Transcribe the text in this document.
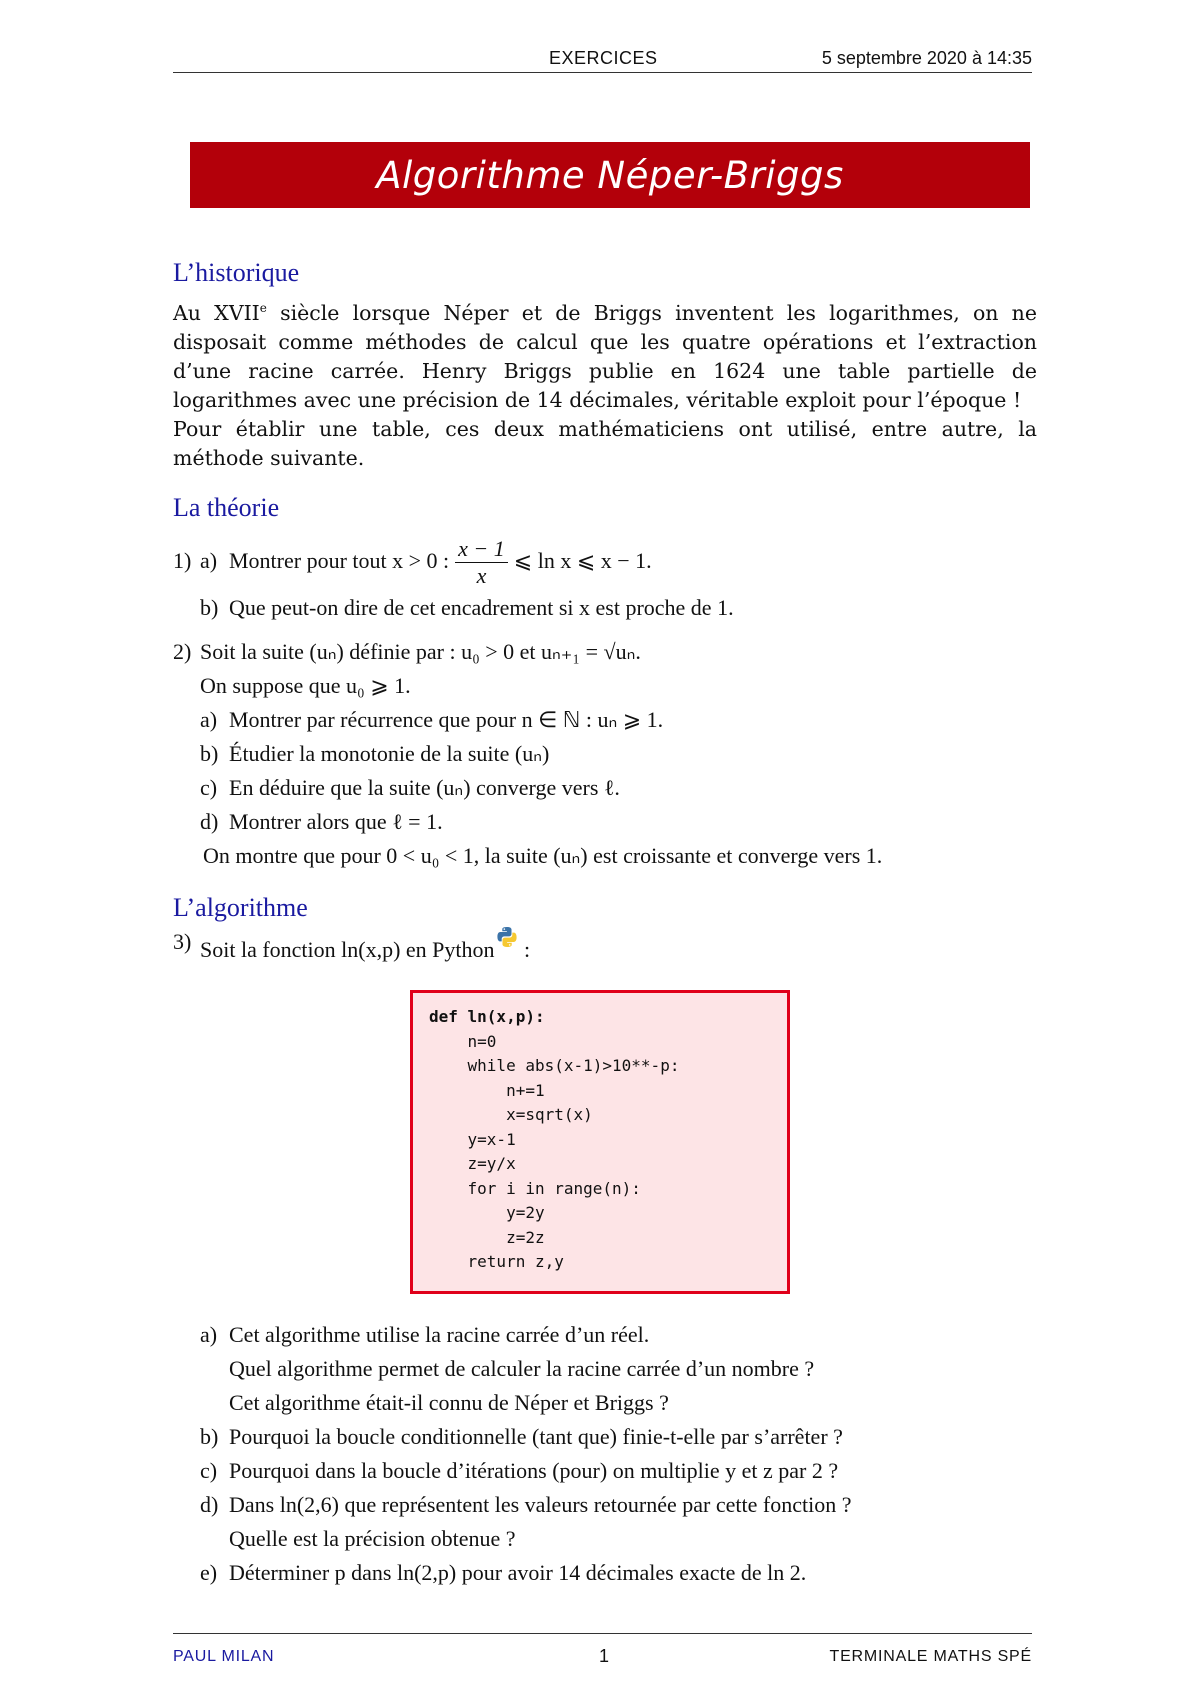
EXERCICES	5 septembre 2020 à 14:35
Algorithme Néper-Briggs
L’historique

Au XVIIe siècle lorsque Néper et de Briggs inventent les logarithmes, on ne disposait comme méthodes de calcul que les quatre opérations et l’extraction d’une racine carrée. Henry Briggs publie en 1624 une table partielle de logarithmes avec une précision de 14 décimales, véritable exploit pour l’époque !
Pour établir une table, ces deux mathématiciens ont utilisé, entre autre, la méthode suivante.

La théorie
1) a) Montrer pour tout x > 0 : $\frac{x - 1}{x}$ ⩽ ln x ⩽ x − 1.
b) Que peut-on dire de cet encadrement si x est proche de 1.
2) Soit la suite (uₙ) définie par : u₀ > 0 et uₙ₊₁ = √uₙ.

On suppose que u₀ ⩾ 1.

a) Montrer par récurrence que pour n ∈ ℕ : uₙ ⩾ 1.
b) Étudier la monotonie de la suite (uₙ)
c) En déduire que la suite (uₙ) converge vers ℓ.
d) Montrer alors que ℓ = 1.
On montre que pour 0 < u₀ < 1, la suite (uₙ) est croissante et converge vers 1.

L’algorithme
3) Soit la fonction ln(x,p) en Python :

def ln(x,p):
n=0
while abs(x-1)>10**-p:
n+=1
x=sqrt(x)
y=x-1
z=y/x
for i in range(n):
y=2y
z=2z
return z,y
a) Cet algorithme utilise la racine carrée d’un réel.
Quel algorithme permet de calculer la racine carrée d’un nombre ?
Cet algorithme était-il connu de Néper et Briggs ?
b) Pourquoi la boucle conditionnelle (tant que) finie-t-elle par s’arrêter ?
c) Pourquoi dans la boucle d’itérations (pour) on multiplie y et z par 2 ?
d) Dans ln(2,6) que représentent les valeurs retournée par cette fonction ?
Quelle est la précision obtenue ?
e) Déterminer p dans ln(2,p) pour avoir 14 décimales exacte de ln 2.
PAUL MILAN	1	TERMINALE MATHS SPÉ
